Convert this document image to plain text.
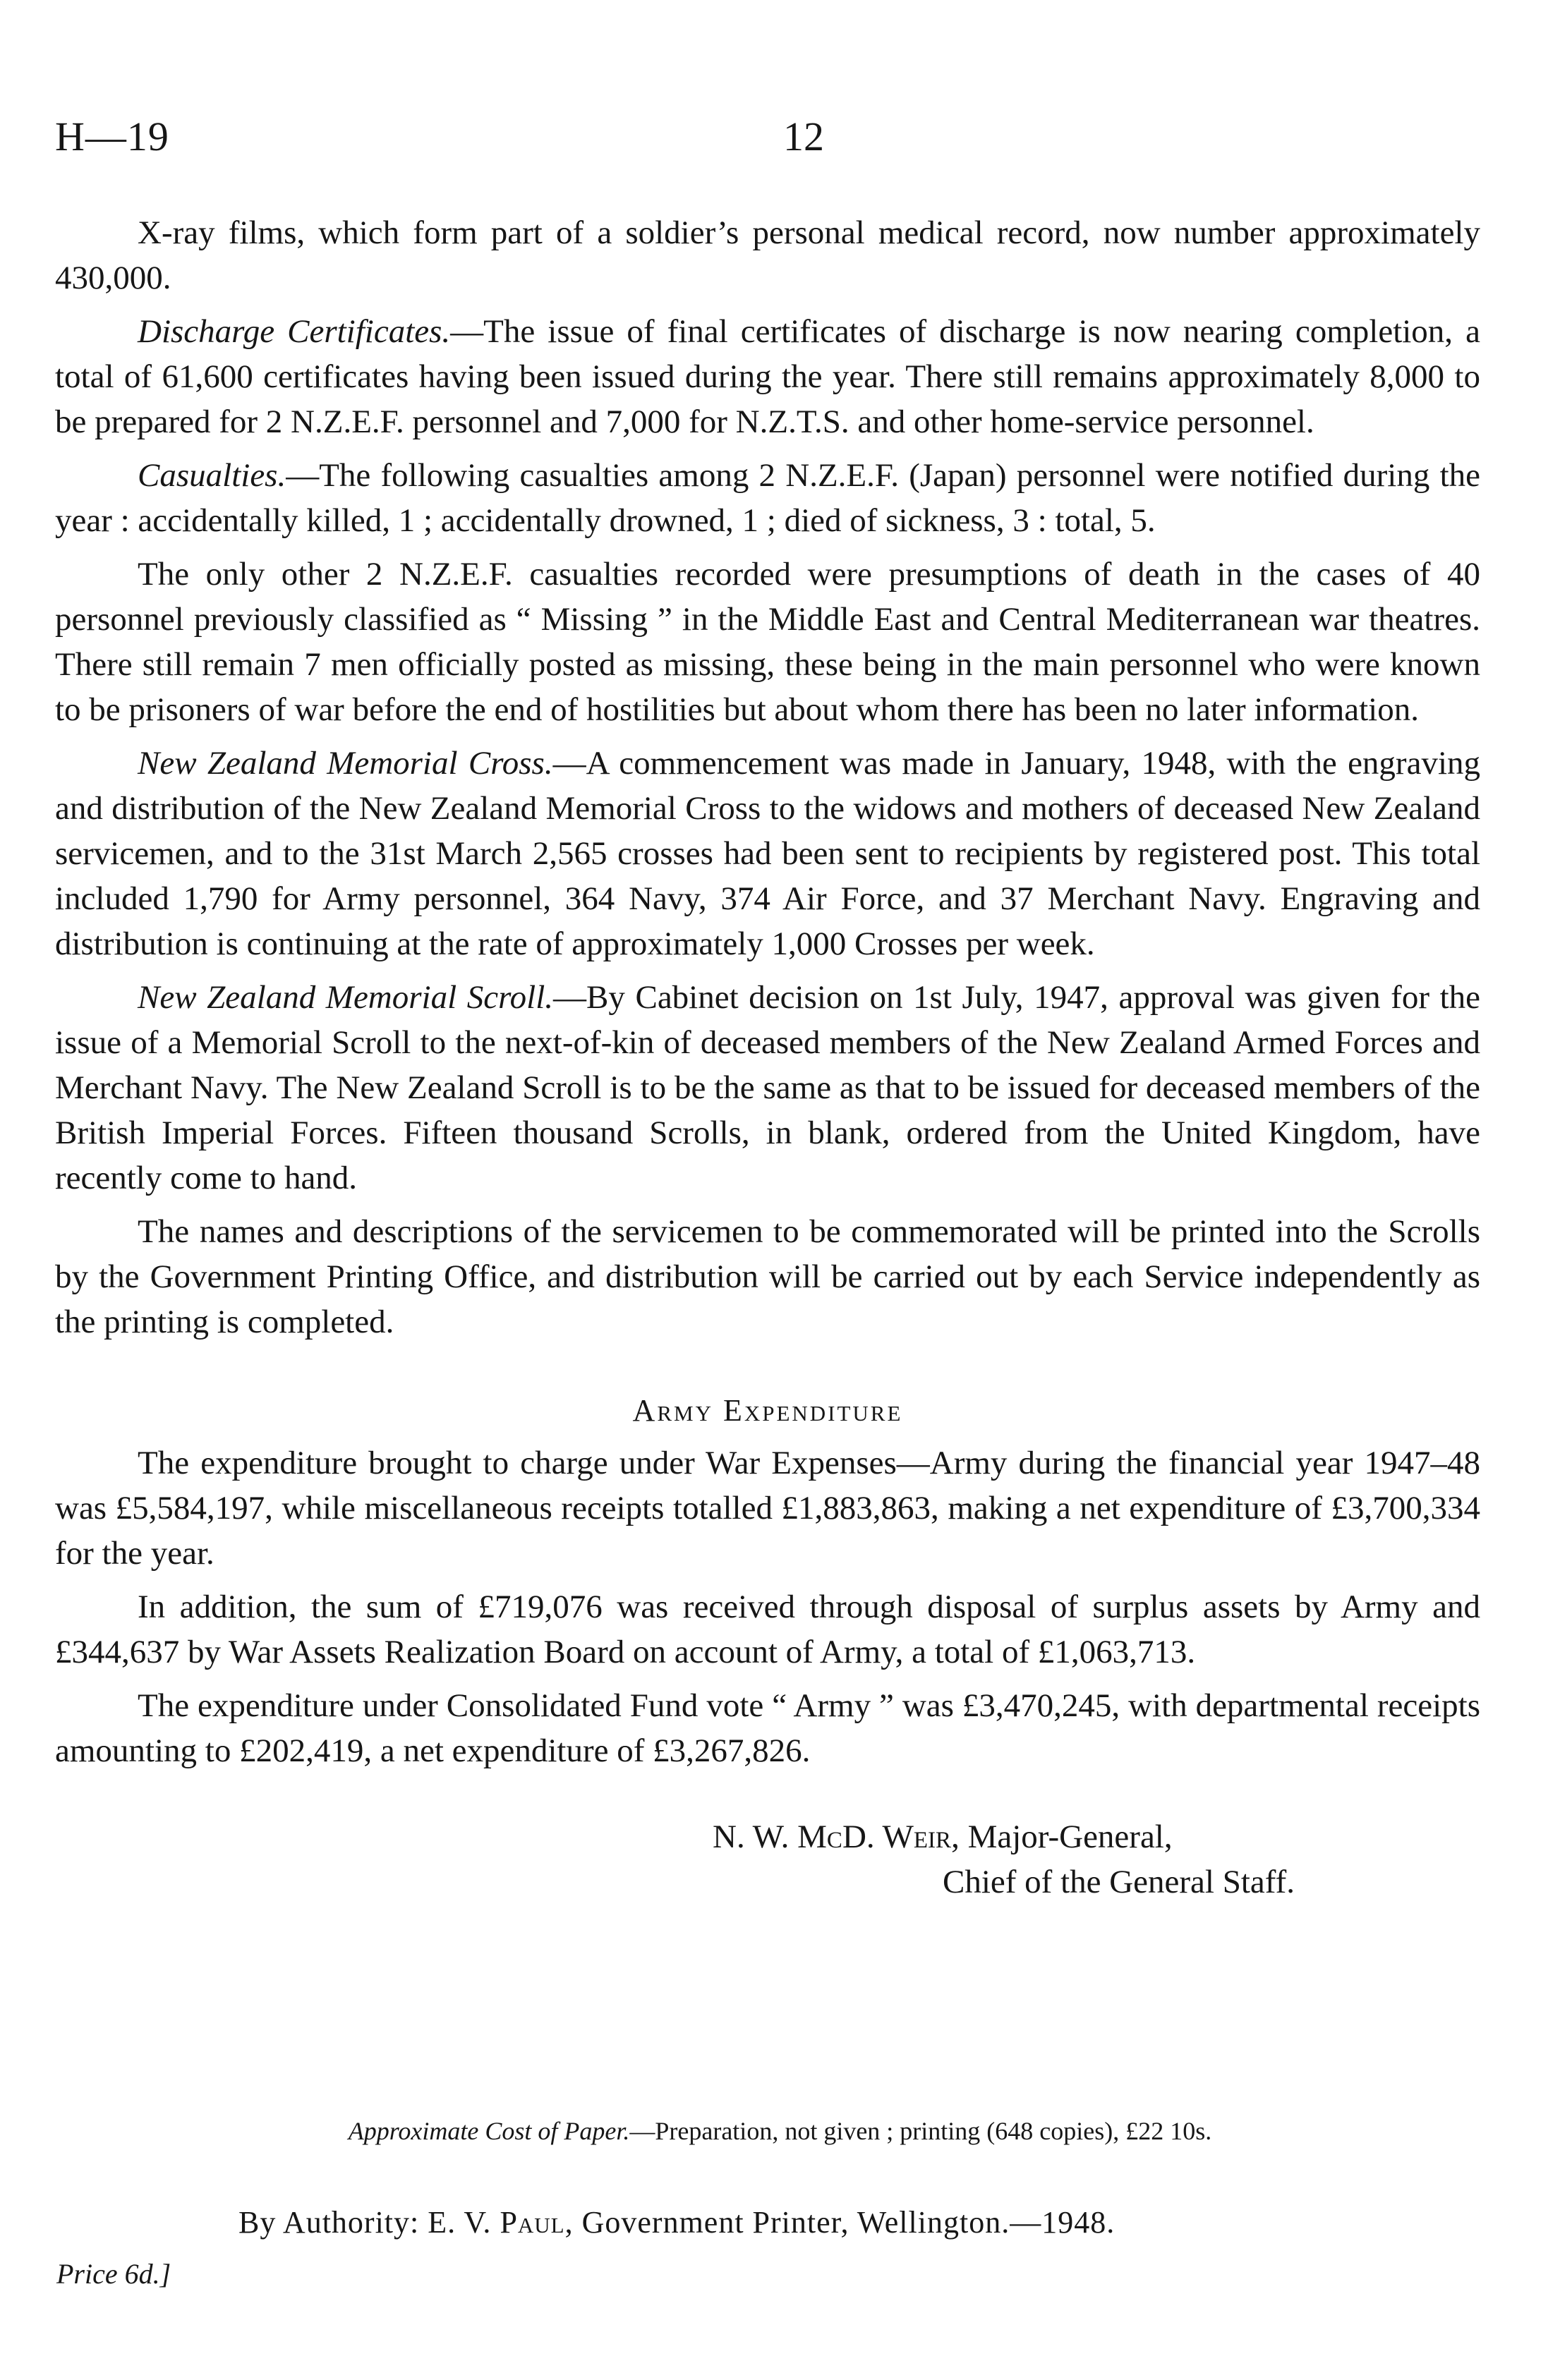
H—19	12

X-ray films, which form part of a soldier’s personal medical record, now number approximately 430,000.

Discharge Certificates.—The issue of final certificates of discharge is now nearing completion, a total of 61,600 certificates having been issued during the year. There still remains approximately 8,000 to be prepared for 2 N.Z.E.F. personnel and 7,000 for N.Z.T.S. and other home-service personnel.

Casualties.—The following casualties among 2 N.Z.E.F. (Japan) personnel were notified during the year : accidentally killed, 1 ; accidentally drowned, 1 ; died of sickness, 3 : total, 5.

The only other 2 N.Z.E.F. casualties recorded were presumptions of death in the cases of 40 personnel previously classified as “ Missing ” in the Middle East and Central Mediterranean war theatres. There still remain 7 men officially posted as missing, these being in the main personnel who were known to be prisoners of war before the end of hostilities but about whom there has been no later information.

New Zealand Memorial Cross.—A commencement was made in January, 1948, with the engraving and distribution of the New Zealand Memorial Cross to the widows and mothers of deceased New Zealand servicemen, and to the 31st March 2,565 crosses had been sent to recipients by registered post. This total included 1,790 for Army personnel, 364 Navy, 374 Air Force, and 37 Merchant Navy. Engraving and distribution is continuing at the rate of approximately 1,000 Crosses per week.

New Zealand Memorial Scroll.—By Cabinet decision on 1st July, 1947, approval was given for the issue of a Memorial Scroll to the next-of-kin of deceased members of the New Zealand Armed Forces and Merchant Navy. The New Zealand Scroll is to be the same as that to be issued for deceased members of the British Imperial Forces. Fifteen thousand Scrolls, in blank, ordered from the United Kingdom, have recently come to hand.

The names and descriptions of the servicemen to be commemorated will be printed into the Scrolls by the Government Printing Office, and distribution will be carried out by each Service independently as the printing is completed.

Army Expenditure

The expenditure brought to charge under War Expenses—Army during the financial year 1947–48 was £5,584,197, while miscellaneous receipts totalled £1,883,863, making a net expenditure of £3,700,334 for the year.

In addition, the sum of £719,076 was received through disposal of surplus assets by Army and £344,637 by War Assets Realization Board on account of Army, a total of £1,063,713.

The expenditure under Consolidated Fund vote “ Army ” was £3,470,245, with departmental receipts amounting to £202,419, a net expenditure of £3,267,826.

N. W. McD. Weir, Major-General,
Chief of the General Staff.
Approximate Cost of Paper.—Preparation, not given ; printing (648 copies), £22 10s.
By Authority: E. V. Paul, Government Printer, Wellington.—1948.
Price 6d.]
